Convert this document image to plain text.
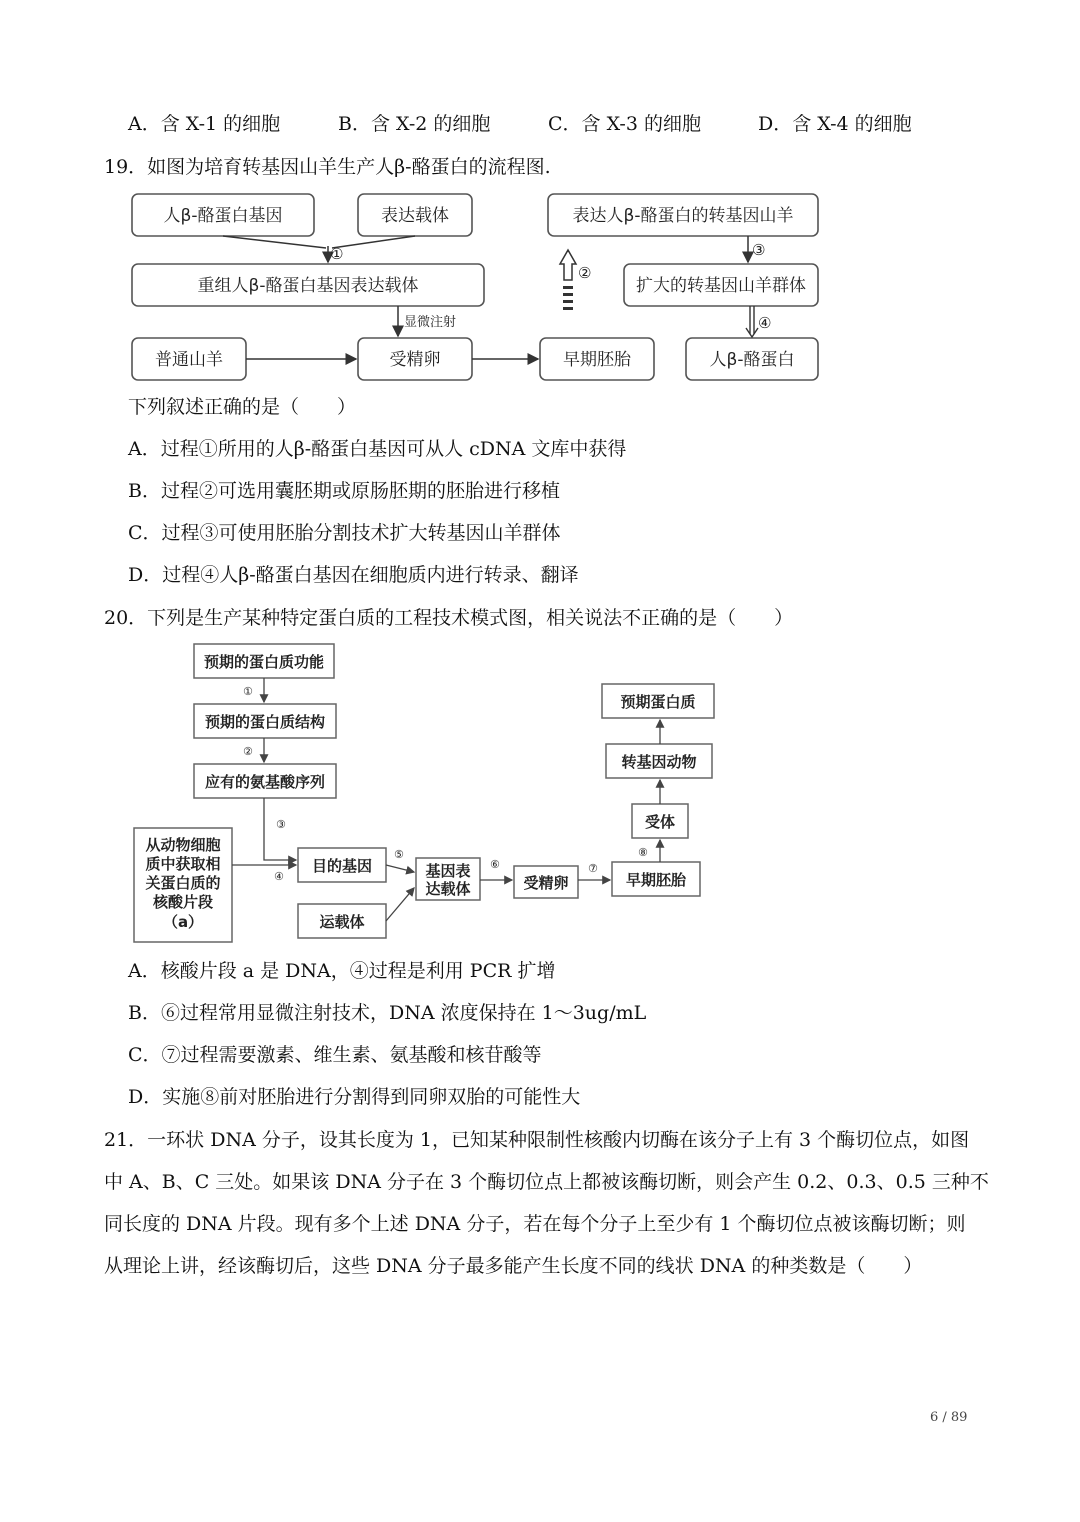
A．含 X-1 的细胞	B．含 X-2 的细胞	C．含 X-3 的细胞	D．含 X-4 的细胞
19．如图为培育转基因山羊生产人β-酪蛋白的流程图.
人β-酪蛋白基因	表达载体
重组人β-酪蛋白基因表达载体
普通山羊	受精卵	早期胚胎
表达人β-酪蛋白的转基因山羊
扩大的转基因山羊群体
人β-酪蛋白
①
②
③
④
显微注射
下列叙述正确的是（　　）
A．过程①所用的人β-酪蛋白基因可从人 cDNA 文库中获得
B．过程②可选用囊胚期或原肠胚期的胚胎进行移植
C．过程③可使用胚胎分割技术扩大转基因山羊群体
D．过程④人β-酪蛋白基因在细胞质内进行转录、翻译
20．下列是生产某种特定蛋白质的工程技术模式图，相关说法不正确的是（　　）
预期的蛋白质功能
预期的蛋白质结构
应有的氨基酸序列
从动物细胞
质中获取相
关蛋白质的
核酸片段
（a）
目的基因
运载体
基因表
达载体	受精卵	早期胚胎
受体
转基因动物
预期蛋白质
①
②
③
④
⑤
⑥	⑦
⑧
A．核酸片段 a 是 DNA，④过程是利用 PCR 扩增
B．⑥过程常用显微注射技术，DNA 浓度保持在 1～3ug/mL
C．⑦过程需要激素、维生素、氨基酸和核苷酸等
D．实施⑧前对胚胎进行分割得到同卵双胎的可能性大
21．一环状 DNA 分子，设其长度为 1，已知某种限制性核酸内切酶在该分子上有 3 个酶切位点，如图
中 A、B、C 三处。如果该 DNA 分子在 3 个酶切位点上都被该酶切断，则会产生 0.2、0.3、0.5 三种不
同长度的 DNA 片段。现有多个上述 DNA 分子，若在每个分子上至少有 1 个酶切位点被该酶切断；则
从理论上讲，经该酶切后，这些 DNA 分子最多能产生长度不同的线状 DNA 的种类数是（　　）
6 / 89
